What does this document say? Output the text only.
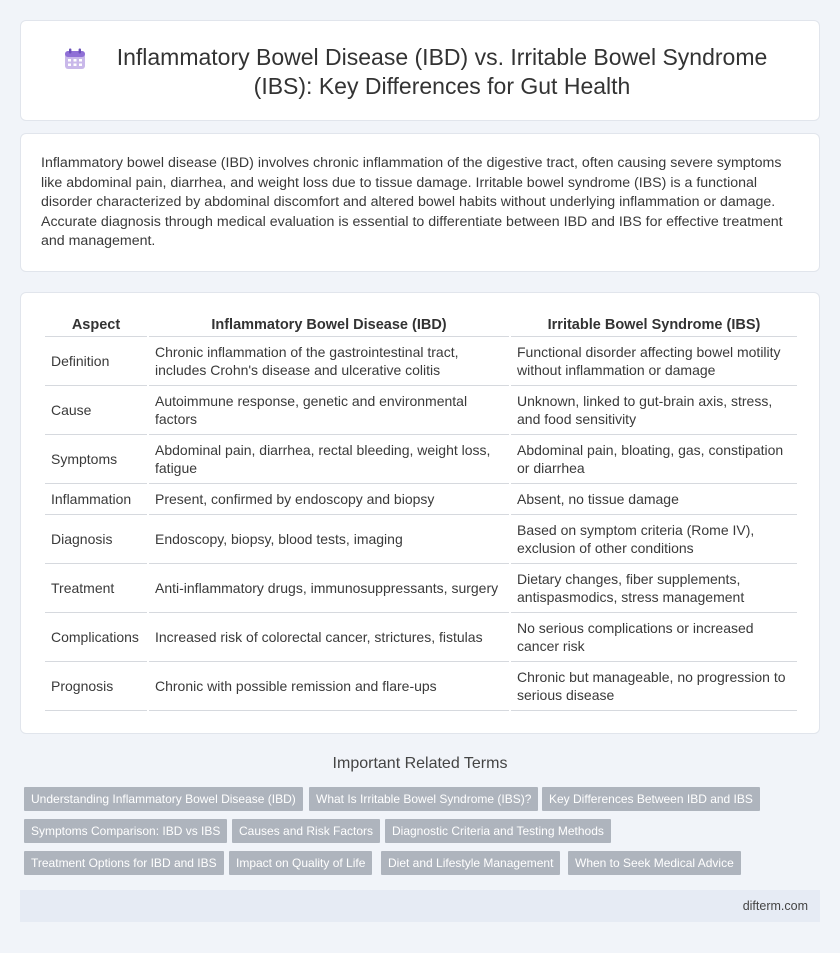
Inflammatory Bowel Disease (IBD) vs. Irritable Bowel Syndrome (IBS): Key Differences for Gut Health

Inflammatory bowel disease (IBD) involves chronic inflammation of the digestive tract, often causing severe symptoms like abdominal pain, diarrhea, and weight loss due to tissue damage. Irritable bowel syndrome (IBS) is a functional disorder characterized by abdominal discomfort and altered bowel habits without underlying inflammation or damage. Accurate diagnosis through medical evaluation is essential to differentiate between IBD and IBS for effective treatment and management.

Aspect	Inflammatory Bowel Disease (IBD)	Irritable Bowel Syndrome (IBS)
Definition	Chronic inflammation of the gastrointestinal tract, includes Crohn's disease and ulcerative colitis	Functional disorder affecting bowel motility without inflammation or damage
Cause	Autoimmune response, genetic and environmental factors	Unknown, linked to gut-brain axis, stress, and food sensitivity
Symptoms	Abdominal pain, diarrhea, rectal bleeding, weight loss, fatigue	Abdominal pain, bloating, gas, constipation or diarrhea
Inflammation	Present, confirmed by endoscopy and biopsy	Absent, no tissue damage
Diagnosis	Endoscopy, biopsy, blood tests, imaging	Based on symptom criteria (Rome IV), exclusion of other conditions
Treatment	Anti-inflammatory drugs, immunosuppressants, surgery	Dietary changes, fiber supplements, antispasmodics, stress management
Complications	Increased risk of colorectal cancer, strictures, fistulas	No serious complications or increased cancer risk
Prognosis	Chronic with possible remission and flare-ups	Chronic but manageable, no progression to serious disease
Important Related Terms
Understanding Inflammatory Bowel Disease (IBD)	What Is Irritable Bowel Syndrome (IBS)?	Key Differences Between IBD and IBS
Symptoms Comparison: IBD vs IBS	Causes and Risk Factors	Diagnostic Criteria and Testing Methods
Treatment Options for IBD and IBS	Impact on Quality of Life	Diet and Lifestyle Management	When to Seek Medical Advice
difterm.com
